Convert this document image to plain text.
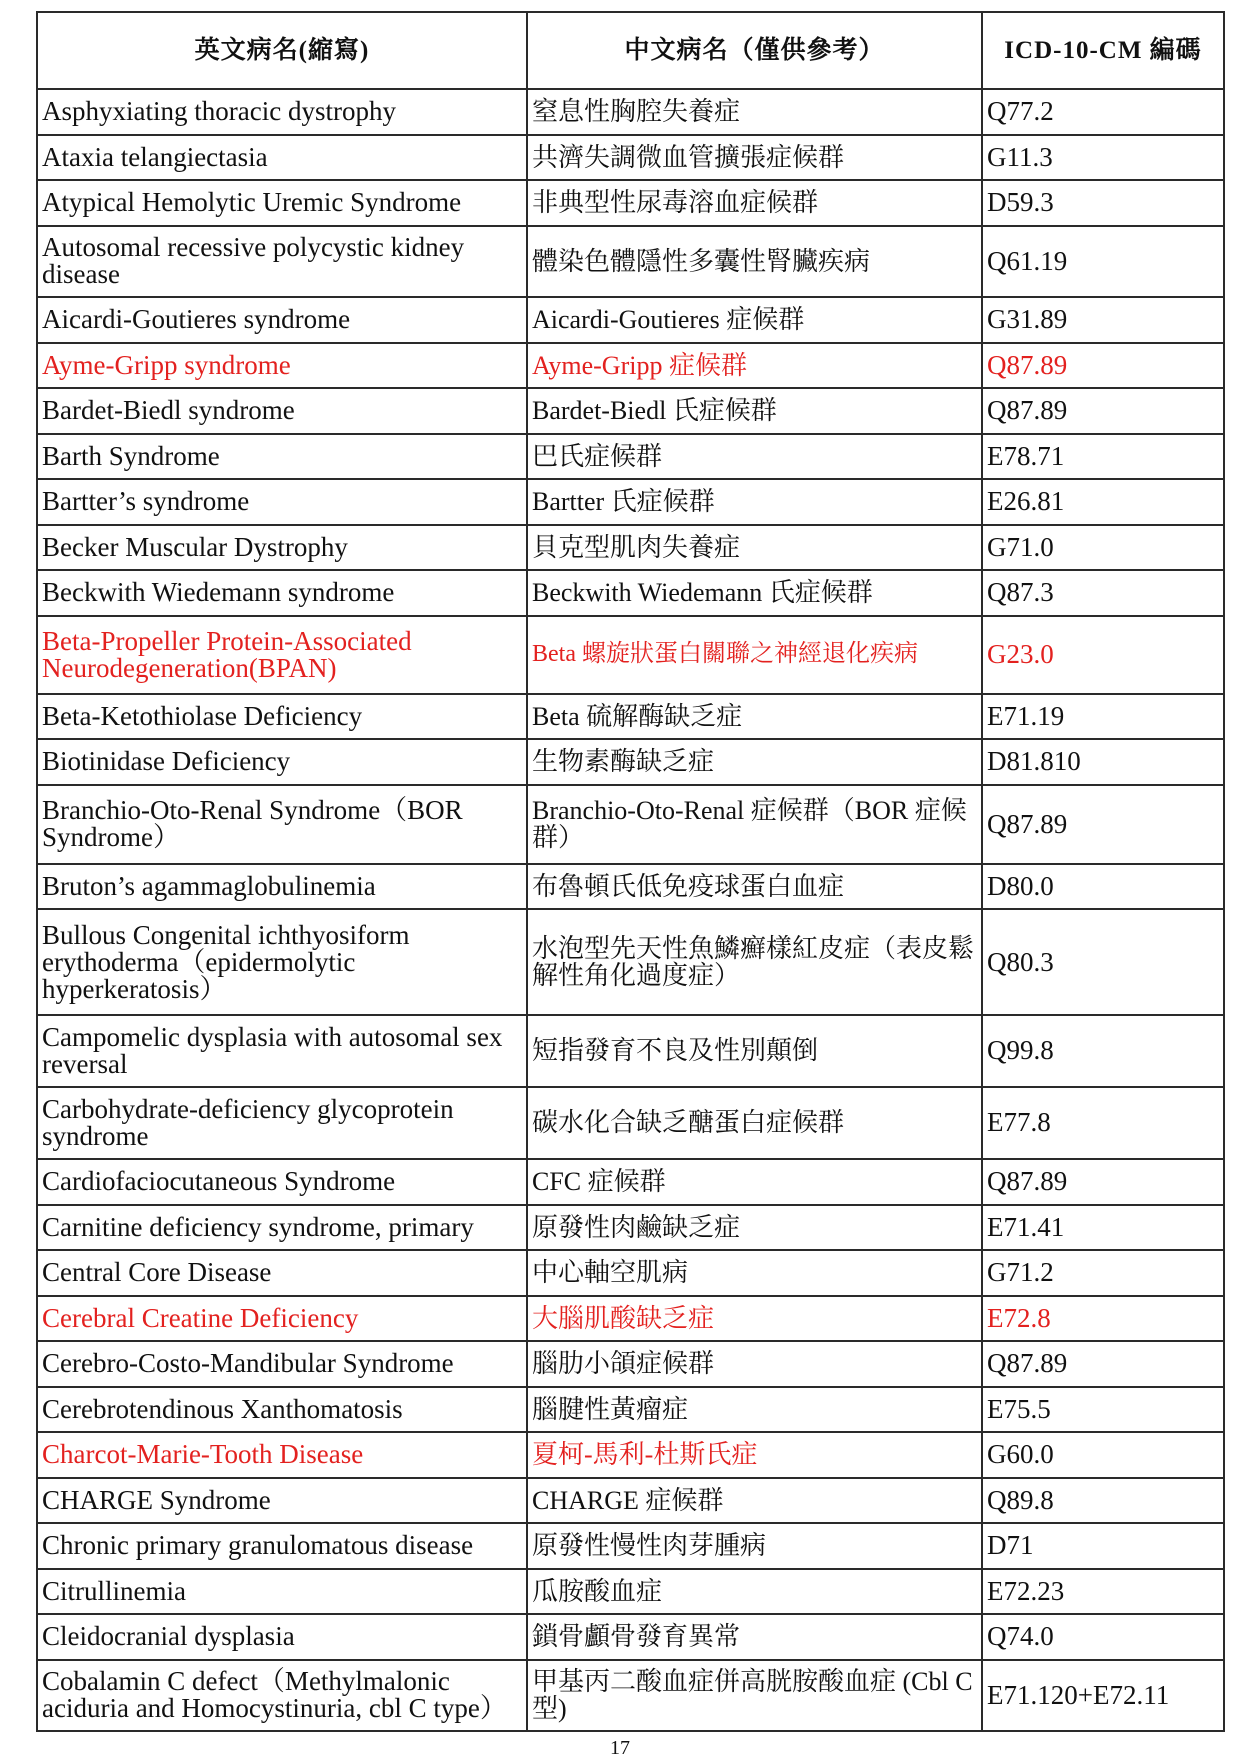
英文病名(縮寫)	中文病名（僅供參考）	ICD-10-CM 編碼
Asphyxiating thoracic dystrophy	窒息性胸腔失養症	Q77.2
Ataxia telangiectasia	共濟失調微血管擴張症候群	G11.3
Atypical Hemolytic Uremic Syndrome	非典型性尿毒溶血症候群	D59.3
Autosomal recessive polycystic kidney disease	體染色體隱性多囊性腎臟疾病	Q61.19
Aicardi-Goutieres syndrome	Aicardi-Goutieres 症候群	G31.89
Ayme-Gripp syndrome	Ayme-Gripp 症候群	Q87.89
Bardet-Biedl syndrome	Bardet-Biedl 氏症候群	Q87.89
Barth Syndrome	巴氏症候群	E78.71
Bartter’s syndrome	Bartter 氏症候群	E26.81
Becker Muscular Dystrophy	貝克型肌肉失養症	G71.0
Beckwith Wiedemann syndrome	Beckwith Wiedemann 氏症候群	Q87.3
Beta-Propeller Protein-Associated Neurodegeneration(BPAN)	Beta 螺旋狀蛋白關聯之神經退化疾病	G23.0
Beta-Ketothiolase Deficiency	Beta 硫解酶缺乏症	E71.19
Biotinidase Deficiency	生物素酶缺乏症	D81.810
Branchio-Oto-Renal Syndrome（BOR Syndrome）	Branchio-Oto-Renal 症候群（BOR 症候群）	Q87.89
Bruton’s agammaglobulinemia	布魯頓氏低免疫球蛋白血症	D80.0
Bullous Congenital ichthyosiform erythoderma（epidermolytic hyperkeratosis）	水泡型先天性魚鱗癬樣紅皮症（表皮鬆解性角化過度症）	Q80.3
Campomelic dysplasia with autosomal sex reversal	短指發育不良及性別顛倒	Q99.8
Carbohydrate-deficiency glycoprotein syndrome	碳水化合缺乏醣蛋白症候群	E77.8
Cardiofaciocutaneous Syndrome	CFC 症候群	Q87.89
Carnitine deficiency syndrome, primary	原發性肉鹼缺乏症	E71.41
Central Core Disease	中心軸空肌病	G71.2
Cerebral Creatine Deficiency	大腦肌酸缺乏症	E72.8
Cerebro-Costo-Mandibular Syndrome	腦肋小頜症候群	Q87.89
Cerebrotendinous Xanthomatosis	腦腱性黃瘤症	E75.5
Charcot-Marie-Tooth Disease	夏柯-馬利-杜斯氏症	G60.0
CHARGE Syndrome	CHARGE 症候群	Q89.8
Chronic primary granulomatous disease	原發性慢性肉芽腫病	D71
Citrullinemia	瓜胺酸血症	E72.23
Cleidocranial dysplasia	鎖骨顱骨發育異常	Q74.0
Cobalamin C defect（Methylmalonic aciduria and Homocystinuria, cbl C type）	甲基丙二酸血症併高胱胺酸血症 (Cbl C 型)	E71.120+E72.11
17
